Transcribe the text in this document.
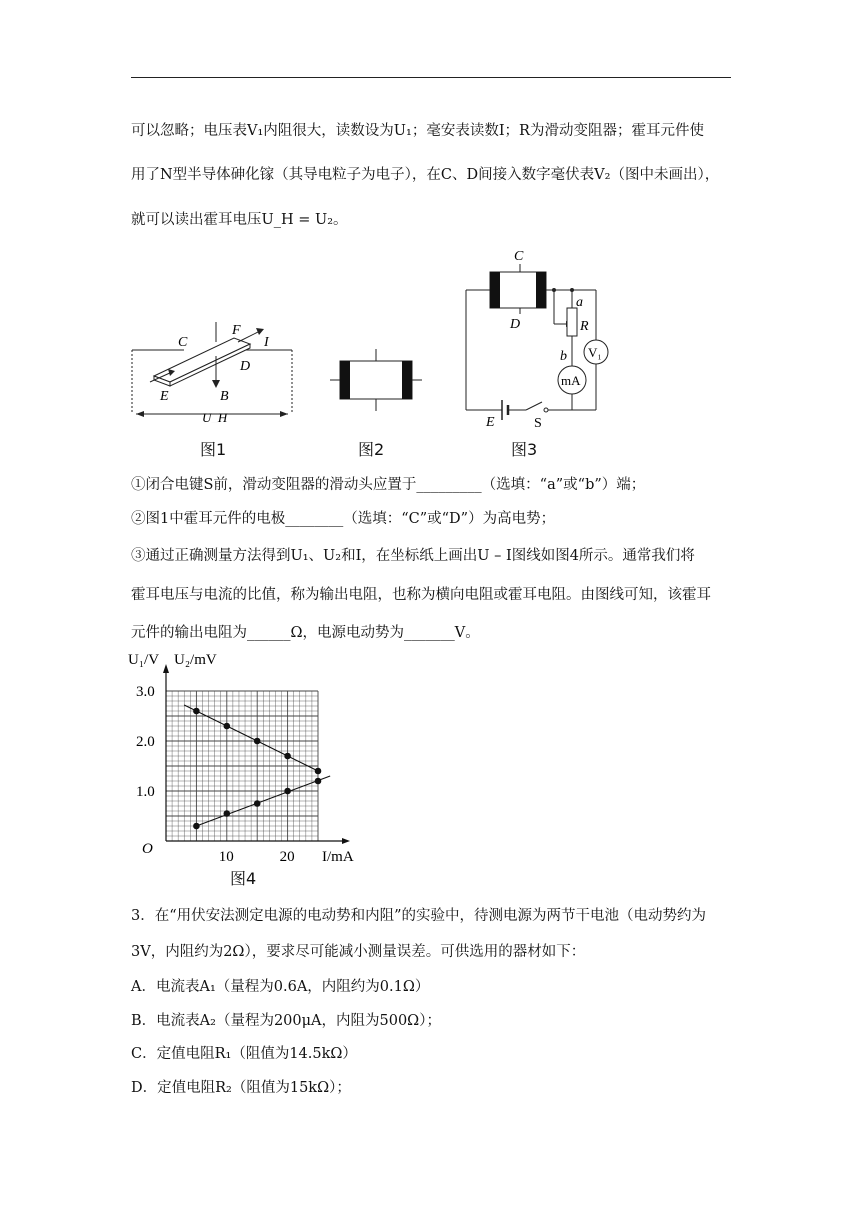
可以忽略；电压表V₁内阻很大，读数设为U₁；毫安表读数I；R为滑动变阻器；霍耳元件使
用了N型半导体砷化镓（其导电粒子为电子），在C、D间接入数字毫伏表V₂（图中未画出），
就可以读出霍耳电压U_H = U₂。
C
F
I
D
E	B
U_H
图1	图2
C
D
a
R
b V₁
mA
E	S
图3
①闭合电键S前，滑动变阻器的滑动头应置于_________（选填：“a”或“b”）端；
②图1中霍耳元件的电极________（选填：“C”或“D”）为高电势；
③通过正确测量方法得到U₁、U₂和I，在坐标纸上画出U – I图线如图4所示。通常我们将
霍耳电压与电流的比值，称为输出电阻，也称为横向电阻或霍耳电阻。由图线可知，该霍耳
元件的输出电阻为______Ω，电源电动势为_______V。
10	20
1.0
2.0
3.0
O	I/mA
U₁/V U₂/mV
图4
3．在“用伏安法测定电源的电动势和内阻”的实验中，待测电源为两节干电池（电动势约为
3V，内阻约为2Ω），要求尽可能减小测量误差。可供选用的器材如下：
A．电流表A₁（量程为0.6A，内阻约为0.1Ω）
B．电流表A₂（量程为200μA，内阻为500Ω）；
C．定值电阻R₁（阻值为14.5kΩ）
D．定值电阻R₂（阻值为15kΩ）；
